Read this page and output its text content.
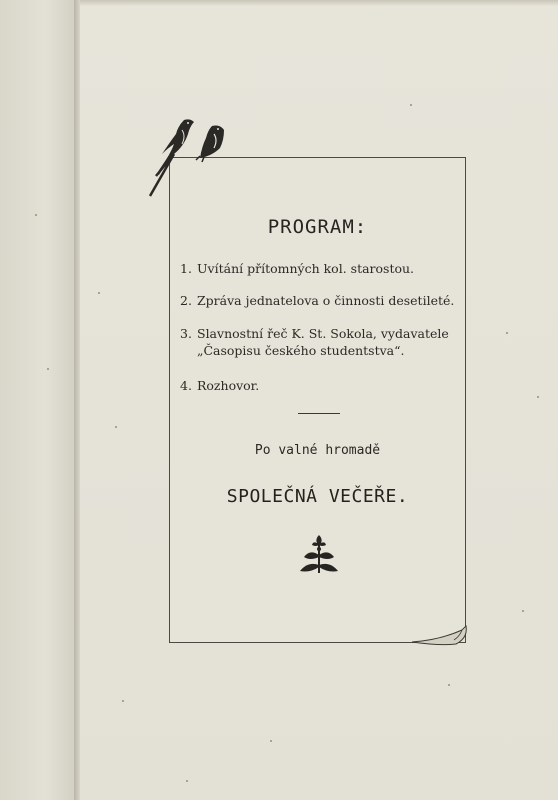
PROGRAM:
1. Uvítání přítomných kol. starostou.
2. Zpráva jednatelova o činnosti desetileté.
3. Slavnostní řeč K. St. Sokola, vydavatele
„Časopisu českého studentstva“.
4. Rozhovor.
Po valné hromadě
SPOLEČNÁ VEČEŘE.
